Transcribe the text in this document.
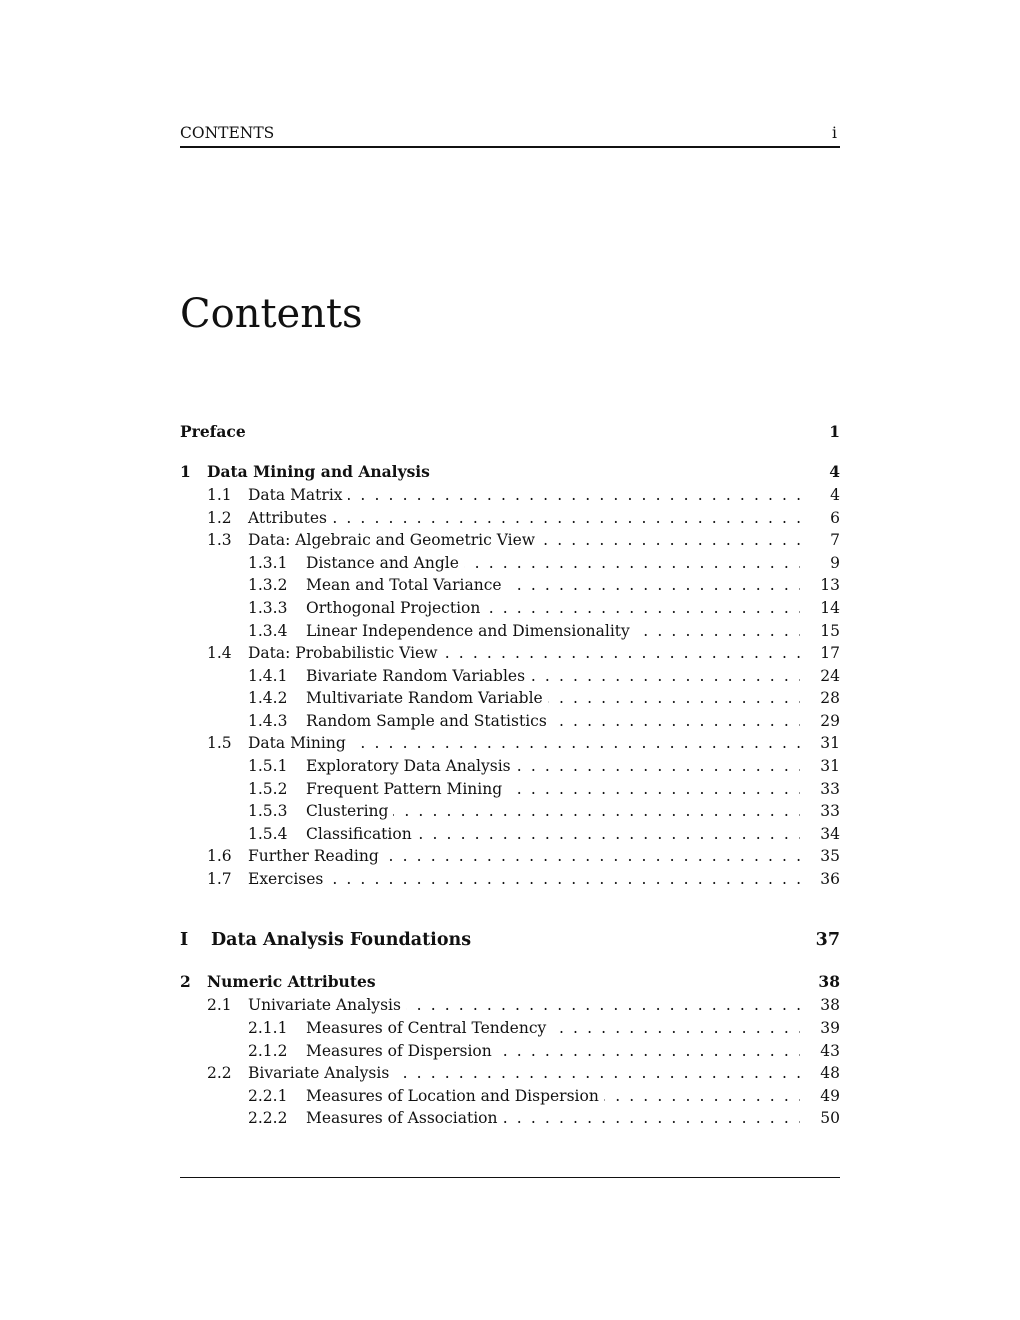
CONTENTS	i
Contents
Preface	1
1 Data Mining and Analysis	4
. . .
1.1 Data Matrix	4
. . .
1.2 Attributes	6
. . .
1.3 Data: Algebraic and Geometric View	7
. . .
1.3.1 Distance and Angle	9
. . .
1.3.2 Mean and Total Variance	13
. . .
1.3.3 Orthogonal Projection	14
. . .
1.3.4 Linear Independence and Dimensionality	15
. . .
1.4 Data: Probabilistic View	17
. . .
1.4.1 Bivariate Random Variables	24
. . .
1.4.2 Multivariate Random Variable	28
. . .
1.4.3 Random Sample and Statistics	29
. . .
1.5 Data Mining	31
. . .
1.5.1 Exploratory Data Analysis	31
. . .
1.5.2 Frequent Pattern Mining	33
. . .
1.5.3 Clustering	33
. . .
1.5.4 Classification	34
. . .
1.6 Further Reading	35
. . .
1.7 Exercises	36
I Data Analysis Foundations	37
2 Numeric Attributes	38
. . .
2.1 Univariate Analysis	38
. . .
2.1.1 Measures of Central Tendency	39
. . .
2.1.2 Measures of Dispersion	43
. . .
2.2 Bivariate Analysis	48
. . .
2.2.1 Measures of Location and Dispersion	49
. . .
2.2.2 Measures of Association	50
